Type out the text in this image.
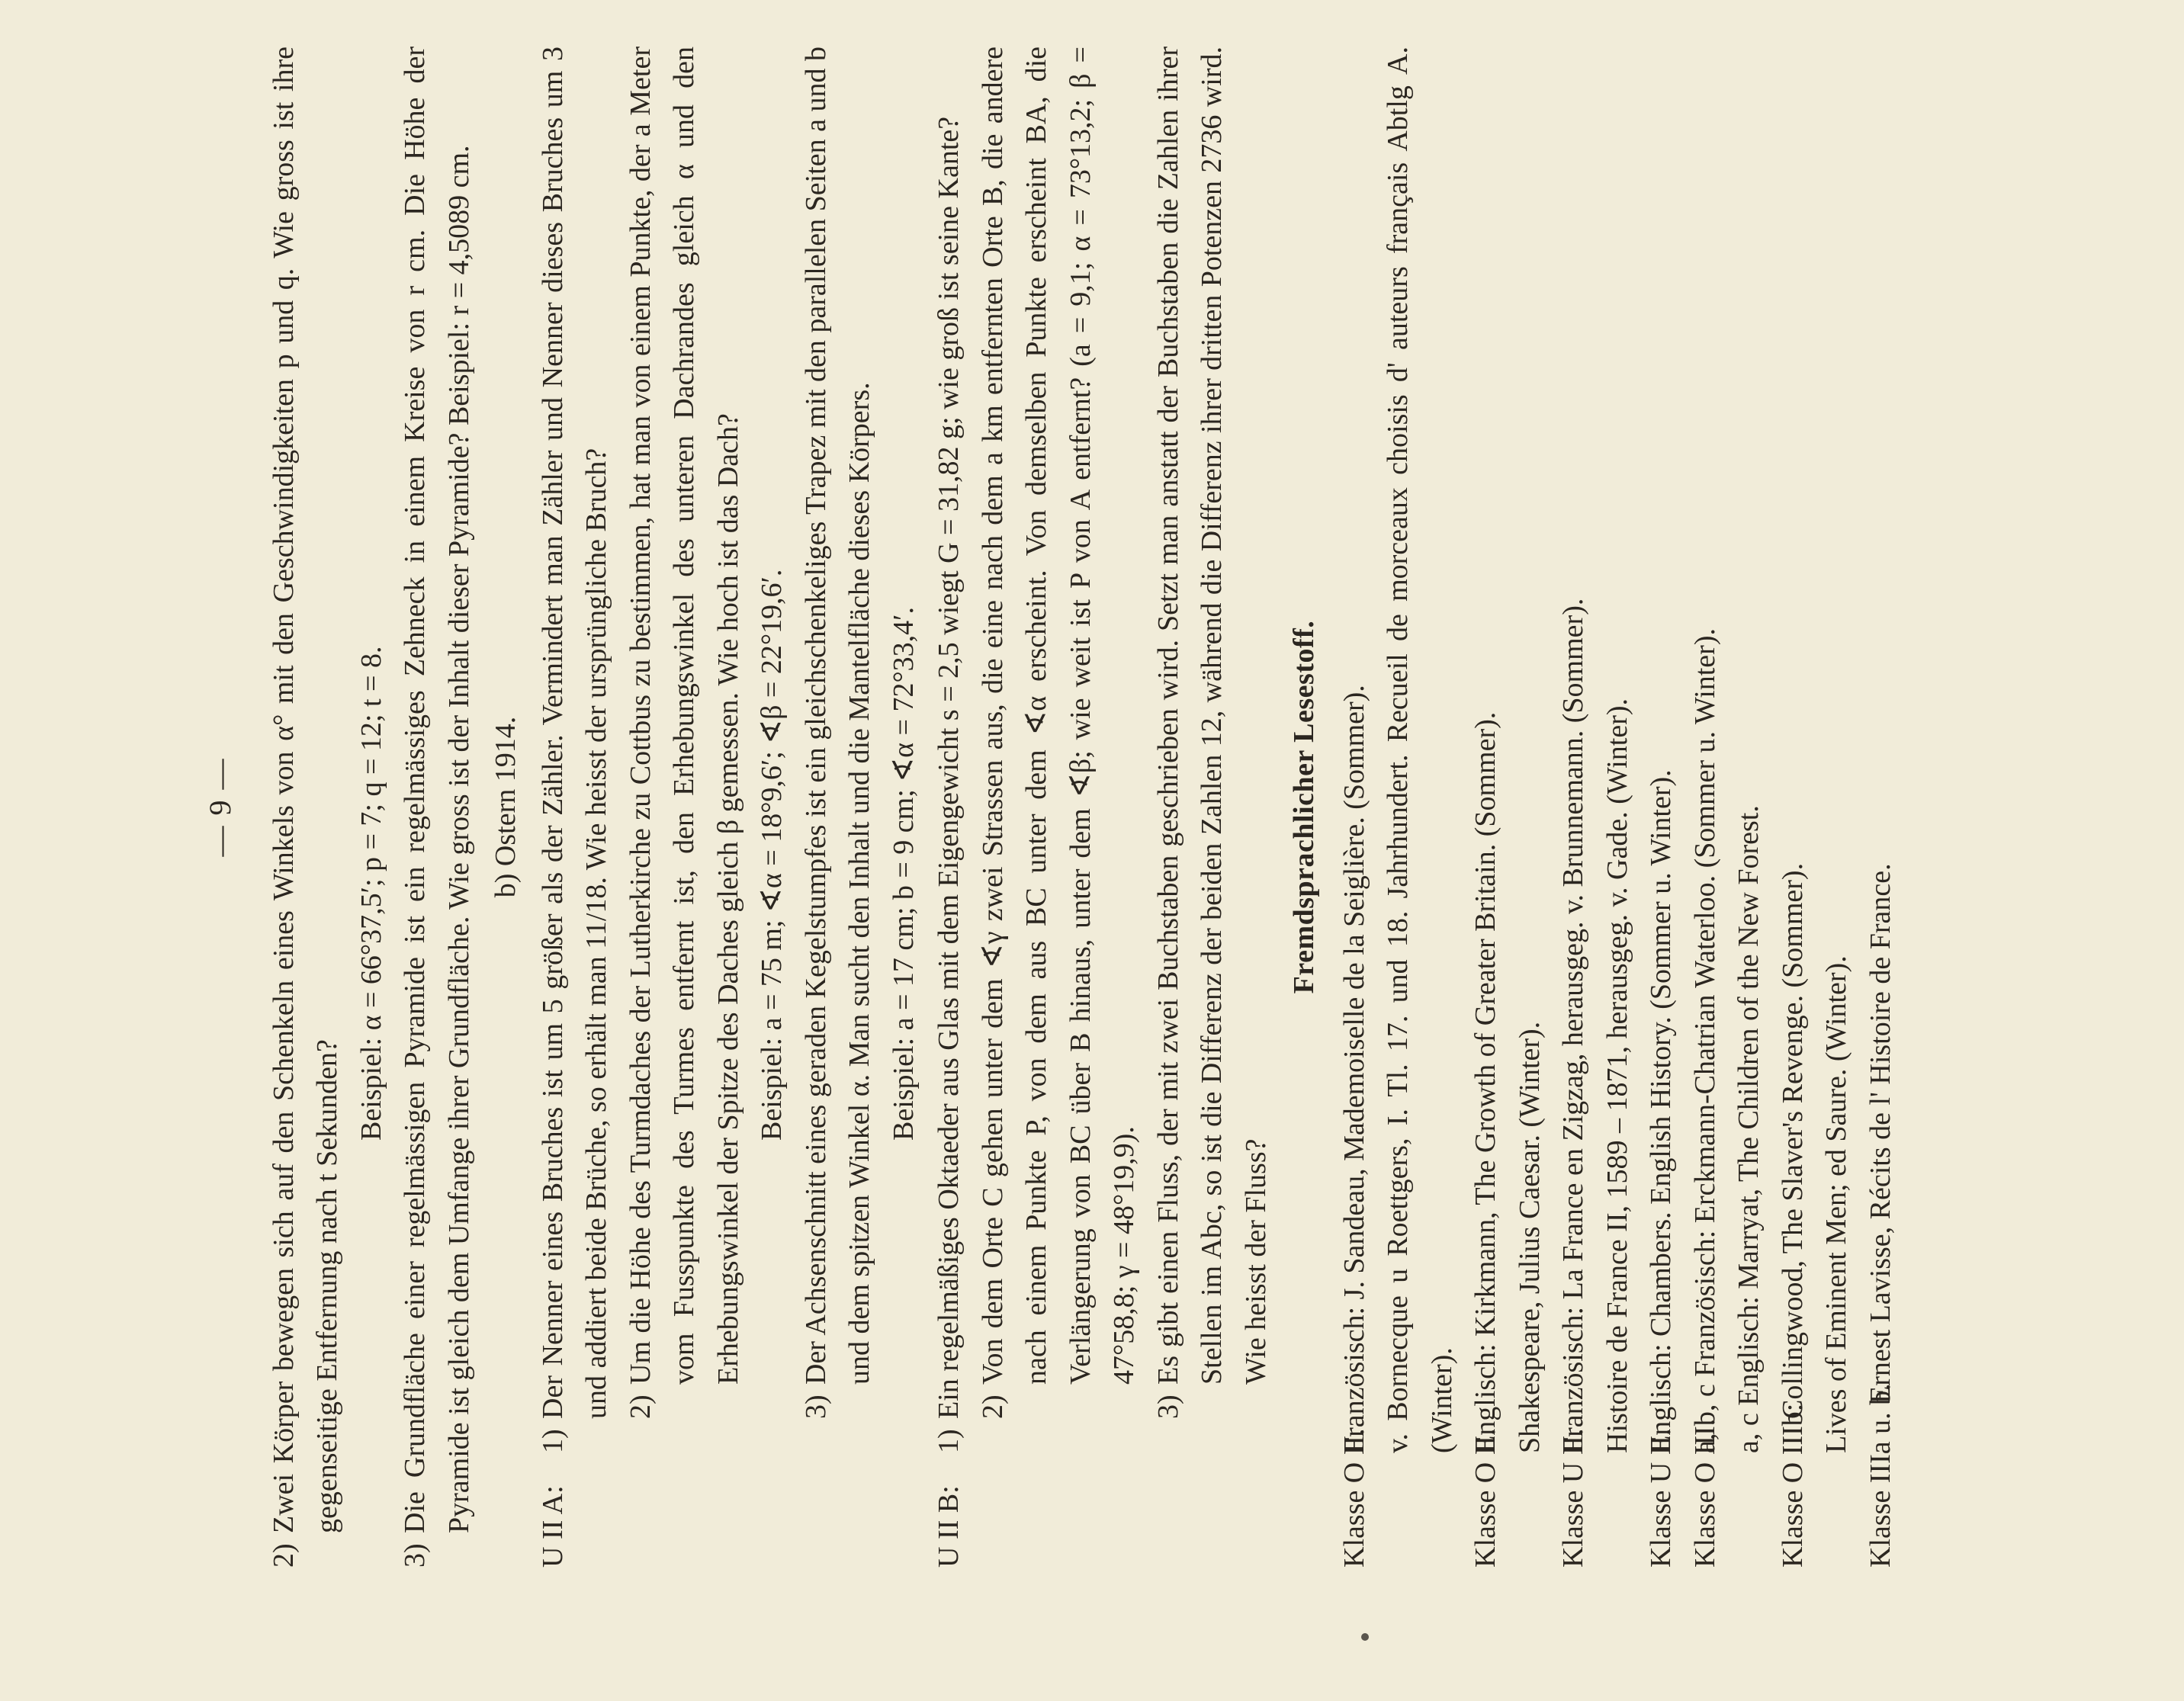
— 9 —
2)
Zwei Körper bewegen sich auf den Schenkeln eines Winkels von α° mit den Geschwindigkeiten p und q. Wie gross ist ihre gegenseitige Entfernung nach t Sekunden?
Beispiel: α = 66°37,5′; p = 7; q = 12; t = 8.
3)
Die Grundfläche einer regelmässigen Pyramide ist ein regelmässiges Zehneck in einem Kreise von r cm. Die Höhe der Pyramide ist gleich dem Umfange ihrer Grundfläche. Wie gross ist der Inhalt dieser Pyramide? Beispiel: r = 4,5089 cm. b) Ostern 1914.
U II A:
1)
Der Nenner eines Bruches ist um 5 größer als der Zähler. Vermindert man Zähler und Nenner dieses Bruches um 3 und addiert beide Brüche, so erhält man 11/18. Wie heisst der ursprüngliche Bruch? 2)
Um die Höhe des Turmdaches der Lutherkirche zu Cottbus zu bestimmen, hat man von einem Punkte, der a Meter vom Fusspunkte des Turmes entfernt ist, den Erhebungswinkel des unteren Dachrandes gleich α und den Erhebungswinkel der Spitze des Daches gleich β gemessen. Wie hoch ist das Dach? Beispiel: a = 75 m; ∢α = 18°9,6′; ∢β = 22°19,6′.
3)
Der Achsenschnitt eines geraden Kegelstumpfes ist ein gleichschenkeliges Trapez mit den parallelen Seiten a und b und dem spitzen Winkel α. Man sucht den Inhalt und die Mantelfläche dieses Körpers. Beispiel: a = 17 cm; b = 9 cm; ∢α = 72°33,4′.
U II B:
1)
Ein regelmäßiges Oktaeder aus Glas mit dem Eigengewicht s = 2,5 wiegt G = 31,82 g; wie groß ist seine Kante? 2)
Von dem Orte C gehen unter dem ∢γ zwei Strassen aus, die eine nach dem a km entfernten Orte B, die andere nach einem Punkte P, von dem aus BC unter dem ∢α erscheint. Von demselben Punkte erscheint BA, die Verlängerung von BC über B hinaus, unter dem ∢β; wie weit ist P von A entfernt? (a = 9,1; α = 73°13,2; β = 47°58,8; γ = 48°19,9).
3)
Es gibt einen Fluss, der mit zwei Buchstaben geschrieben wird. Setzt man anstatt der Buchstaben die Zahlen ihrer Stellen im Abc, so ist die Differenz der beiden Zahlen 12, während die Differenz ihrer dritten Potenzen 2736 wird. Wie heisst der Fluss?
Fremdsprachlicher Lesestoff.
Klasse O II.
Französisch: J. Sandeau, Mademoiselle de la Seiglière. (Sommer). v. Bornecque u Roettgers, I. Tl. 17. und 18. Jahrhundert. Recueil de morceaux choisis d' auteurs français Abtlg A. (Winter).
Klasse O II.
Englisch: Kirkmann, The Growth of Greater Britain. (Sommer). Shakespeare, Julius Caesar. (Winter).
Klasse U II.
Französisch: La France en Zigzag, herausgeg. v. Brunnemann. (Sommer). Histoire de France II, 1589 – 1871, herausgeg. v. Gade. (Winter).
Klasse U II.
Englisch: Chambers. English History. (Sommer u. Winter).
Klasse O III.
a, b, c Französisch: Erckmann-Chatrian Waterloo. (Sommer u. Winter). a, c Englisch: Marryat, The Children of the New Forest.
Klasse O IIIb:
Collingwood, The Slaver's Revenge. (Sommer). Lives of Eminent Men; ed Saure. (Winter).
Klasse IIIa u. b.
Ernest Lavisse, Récits de l' Histoire de France.
